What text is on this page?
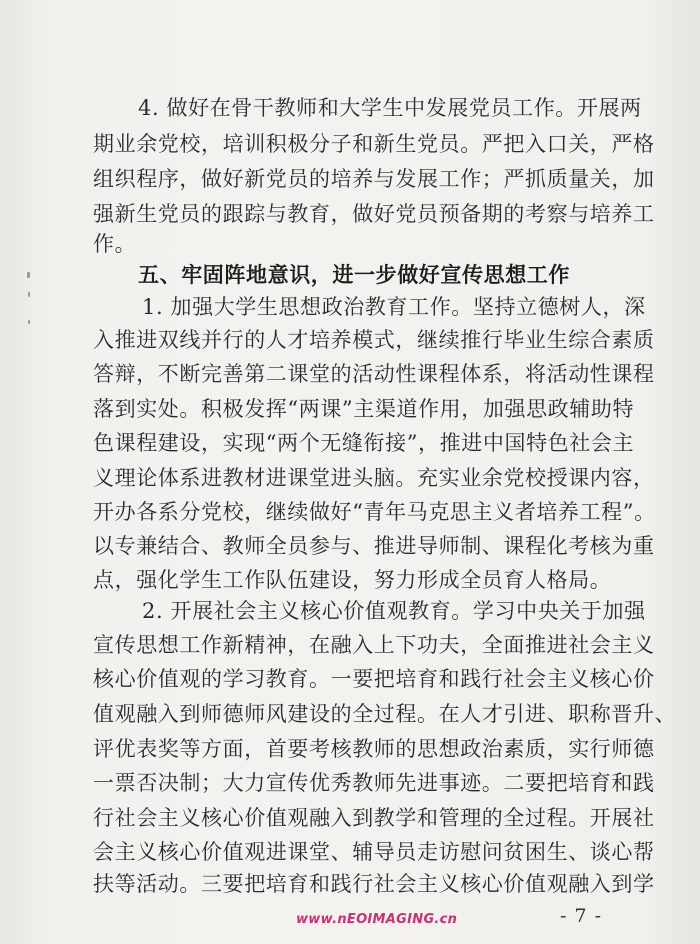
4. 做好在骨干教师和大学生中发展党员工作。开展两
期业余党校，培训积极分子和新生党员。严把入口关，严格
组织程序，做好新党员的培养与发展工作；严抓质量关，加
强新生党员的跟踪与教育，做好党员预备期的考察与培养工
作。
五、牢固阵地意识，进一步做好宣传思想工作
1. 加强大学生思想政治教育工作。坚持立德树人，深
入推进双线并行的人才培养模式，继续推行毕业生综合素质
答辩，不断完善第二课堂的活动性课程体系，将活动性课程
落到实处。积极发挥“两课”主渠道作用，加强思政辅助特
色课程建设，实现“两个无缝衔接”，推进中国特色社会主
义理论体系进教材进课堂进头脑。充实业余党校授课内容，
开办各系分党校，继续做好“青年马克思主义者培养工程”。
以专兼结合、教师全员参与、推进导师制、课程化考核为重
点，强化学生工作队伍建设，努力形成全员育人格局。
2. 开展社会主义核心价值观教育。学习中央关于加强
宣传思想工作新精神，在融入上下功夫，全面推进社会主义
核心价值观的学习教育。一要把培育和践行社会主义核心价
值观融入到师德师风建设的全过程。在人才引进、职称晋升、
评优表奖等方面，首要考核教师的思想政治素质，实行师德
一票否决制；大力宣传优秀教师先进事迹。二要把培育和践
行社会主义核心价值观融入到教学和管理的全过程。开展社
会主义核心价值观进课堂、辅导员走访慰问贫困生、谈心帮
扶等活动。三要把培育和践行社会主义核心价值观融入到学
www.nEOIMAGING.cn	- 7 -
